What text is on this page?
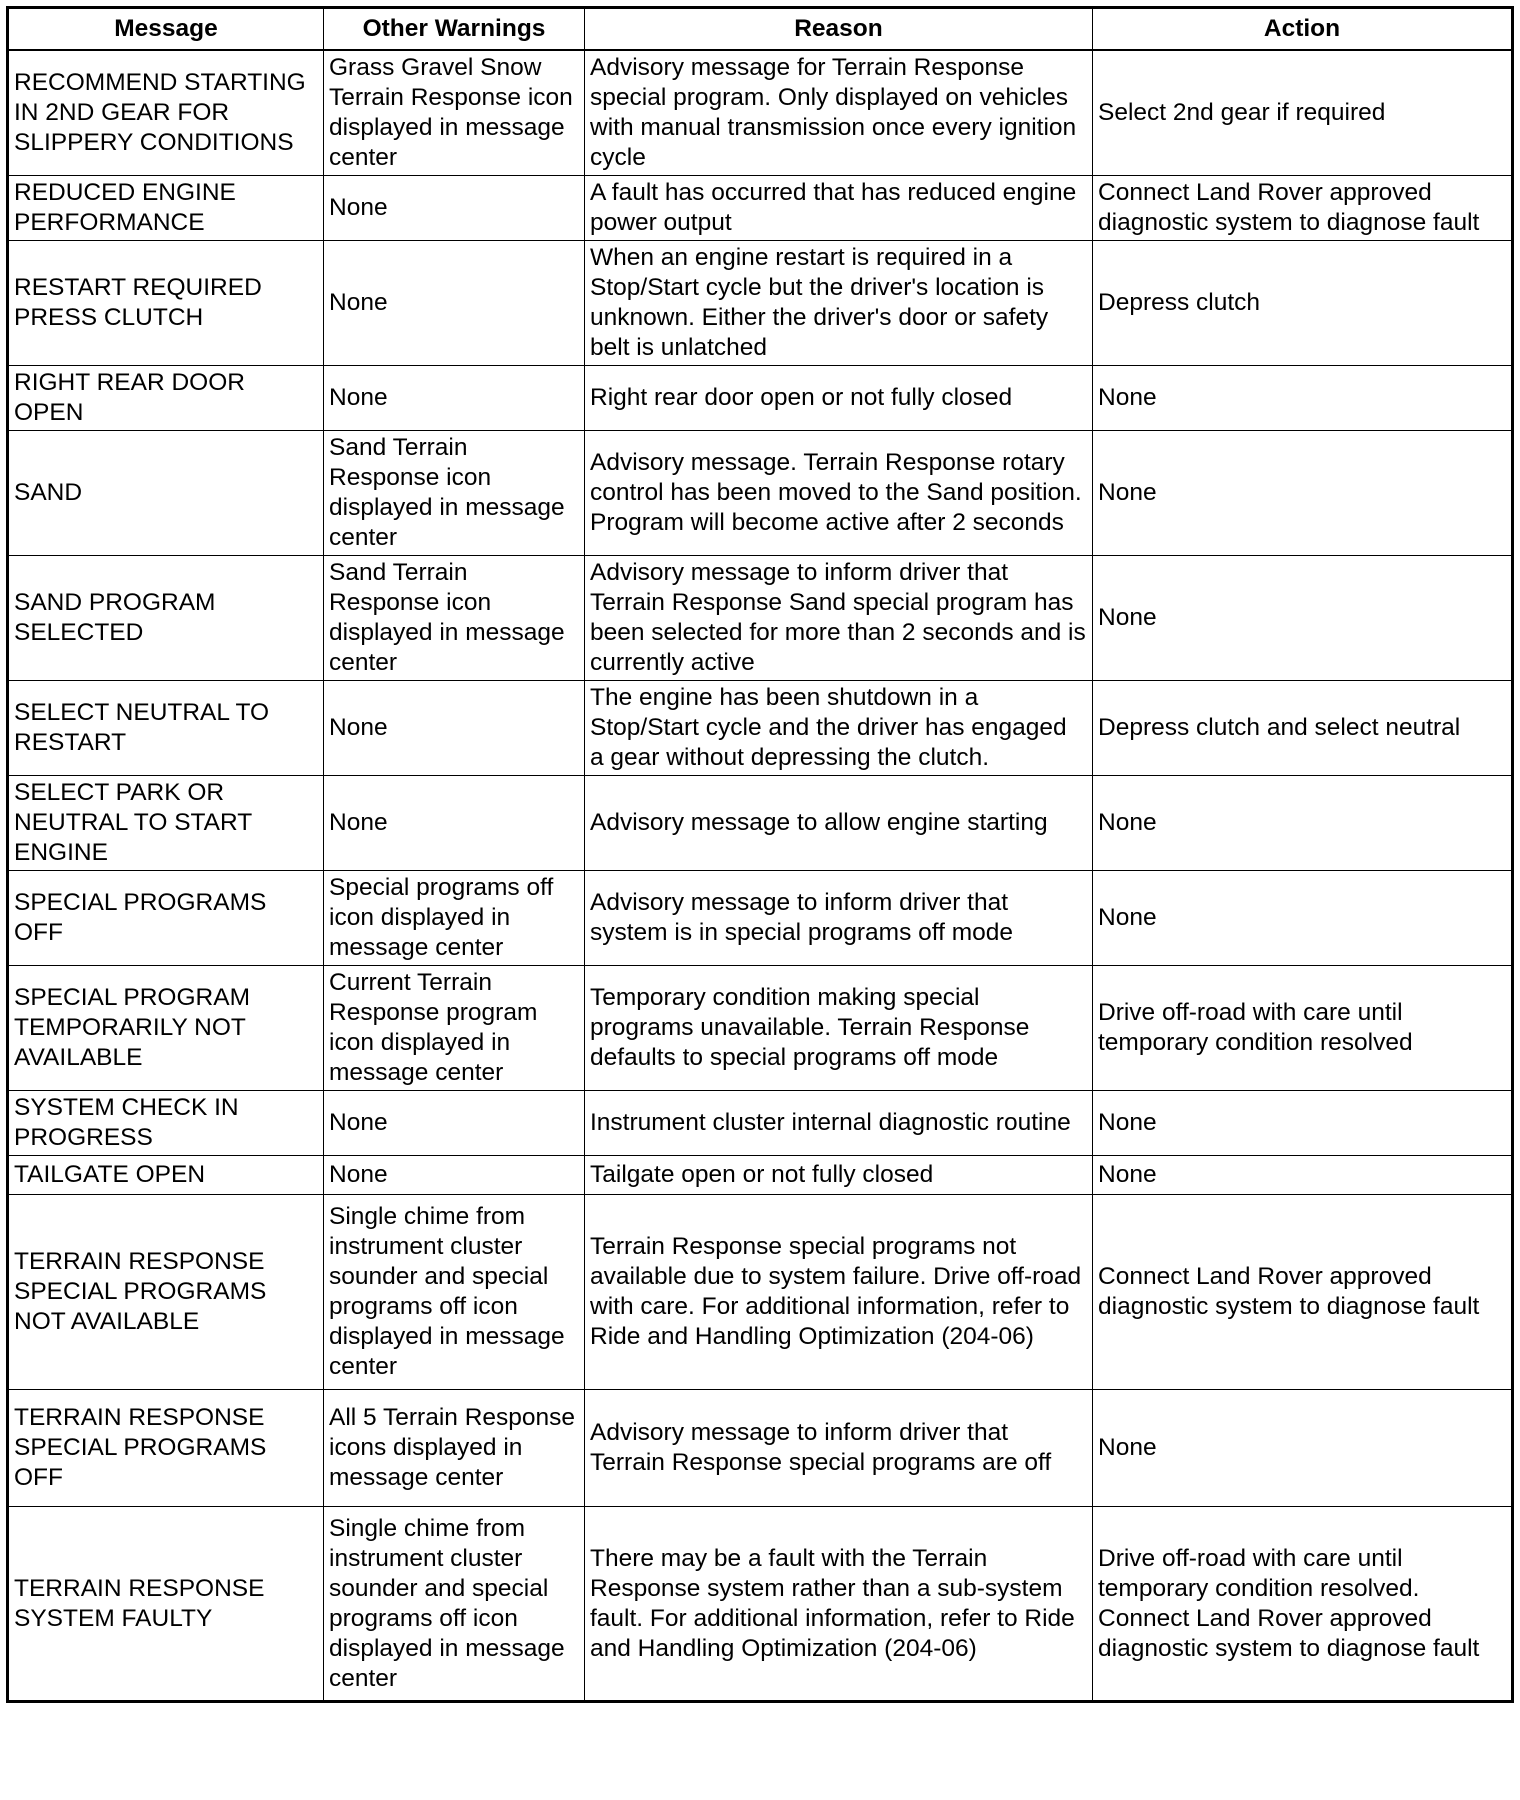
Message	Other Warnings	Reason	Action
RECOMMEND STARTING IN 2ND GEAR FOR SLIPPERY CONDITIONS	Grass Gravel Snow Terrain Response icon displayed in message center	Advisory message for Terrain Response special program. Only displayed on vehicles with manual transmission once every ignition cycle	Select 2nd gear if required
REDUCED ENGINE PERFORMANCE	None	A fault has occurred that has reduced engine power output	Connect Land Rover approved diagnostic system to diagnose fault
RESTART REQUIRED PRESS CLUTCH	None	When an engine restart is required in a Stop/Start cycle but the driver's location is unknown. Either the driver's door or safety belt is unlatched	Depress clutch
RIGHT REAR DOOR OPEN	None	Right rear door open or not fully closed	None
SAND	Sand Terrain Response icon displayed in message center	Advisory message. Terrain Response rotary control has been moved to the Sand position. Program will become active after 2 seconds	None
SAND PROGRAM SELECTED	Sand Terrain Response icon displayed in message center	Advisory message to inform driver that Terrain Response Sand special program has been selected for more than 2 seconds and is currently active	None
SELECT NEUTRAL TO RESTART	None	The engine has been shutdown in a Stop/Start cycle and the driver has engaged a gear without depressing the clutch.	Depress clutch and select neutral
SELECT PARK OR NEUTRAL TO START ENGINE	None	Advisory message to allow engine starting	None
SPECIAL PROGRAMS OFF	Special programs off icon displayed in message center	Advisory message to inform driver that system is in special programs off mode	None
SPECIAL PROGRAM TEMPORARILY NOT AVAILABLE	Current Terrain Response program icon displayed in message center	Temporary condition making special programs unavailable. Terrain Response defaults to special programs off mode	Drive off-road with care until temporary condition resolved
SYSTEM CHECK IN PROGRESS	None	Instrument cluster internal diagnostic routine	None
TAILGATE OPEN	None	Tailgate open or not fully closed	None
TERRAIN RESPONSE SPECIAL PROGRAMS NOT AVAILABLE	Single chime from instrument cluster sounder and special programs off icon displayed in message center	Terrain Response special programs not available due to system failure. Drive off-road with care. For additional information, refer to Ride and Handling Optimization (204-06)	Connect Land Rover approved diagnostic system to diagnose fault
TERRAIN RESPONSE SPECIAL PROGRAMS OFF	All 5 Terrain Response icons displayed in message center	Advisory message to inform driver that Terrain Response special programs are off	None
TERRAIN RESPONSE SYSTEM FAULTY	Single chime from instrument cluster sounder and special programs off icon displayed in message center	There may be a fault with the Terrain Response system rather than a sub-system fault. For additional information, refer to Ride and Handling Optimization (204-06)	Drive off-road with care until temporary condition resolved. Connect Land Rover approved diagnostic system to diagnose fault
